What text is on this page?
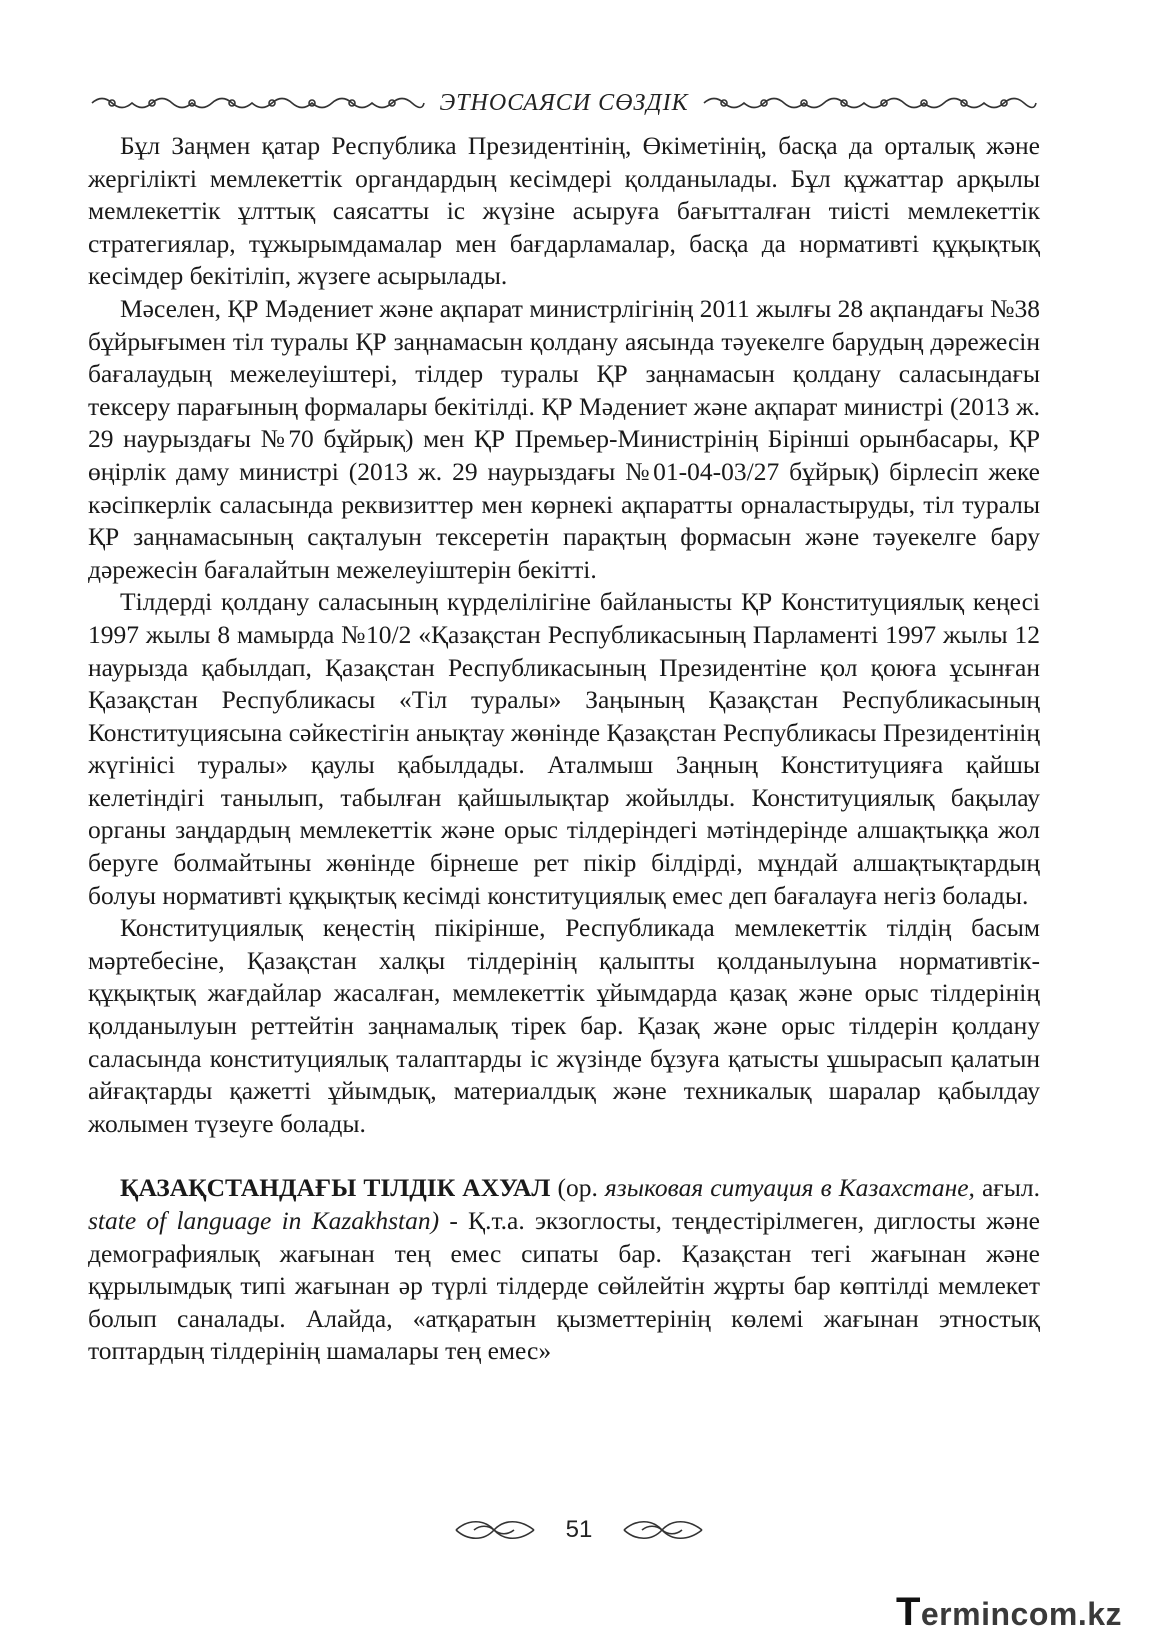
ЭТНОСАЯСИ СӨЗДІК

Бұл Заңмен қатар Республика Президентінің, Өкіметінің, басқа да орталық және жергілікті мемлекеттік органдардың кесімдері қолданылады. Бұл құжаттар арқылы мемлекеттік ұлттық саясатты іс жүзіне асыруға бағытталған тиісті мемлекеттік стратегиялар, тұжырымдамалар мен бағдарламалар, басқа да нормативті құқықтық кесімдер бекітіліп, жүзеге асырылады.

Мәселен, ҚР Мәдениет және ақпарат министрлігінің 2011 жылғы 28 ақпандағы №38 бұйрығымен тіл туралы ҚР заңнамасын қолдану аясында тәуекелге барудың дәрежесін бағалаудың межелеуіштері, тілдер туралы ҚР заңнамасын қолдану саласындағы тексеру парағының формалары бекітілді. ҚР Мәдениет және ақпарат министрі (2013 ж. 29 наурыздағы №70 бұйрық) мен ҚР Премьер-Министрінің Бірінші орынбасары, ҚР өңірлік даму министрі (2013 ж. 29 наурыздағы №01-04-03/27 бұйрық) бірлесіп жеке кәсіпкерлік саласында реквизиттер мен көрнекі ақпаратты орналастыруды, тіл туралы ҚР заңнамасының сақталуын тексеретін парақтың формасын және тәуекелге бару дәрежесін бағалайтын межелеуіштерін бекітті.

Тілдерді қолдану саласының күрделілігіне байланысты ҚР Конституциялық кеңесі 1997 жылы 8 мамырда №10/2 «Қазақстан Республикасының Парламенті 1997 жылы 12 наурызда қабылдап, Қазақстан Республикасының Президентіне қол қоюға ұсынған Қазақстан Республикасы «Тіл туралы» Заңының Қазақстан Республикасының Конституциясына сәйкестігін анықтау жөнінде Қазақстан Республикасы Президентінің жүгінісі туралы» қаулы қабылдады. Аталмыш Заңның Конституцияға қайшы келетіндігі танылып, табылған қайшылықтар жойылды. Конституциялық бақылау органы заңдардың мемлекеттік және орыс тілдеріндегі мәтіндерінде алшақтыққа жол беруге болмайтыны жөнінде бірнеше рет пікір білдірді, мұндай алшақтықтардың болуы нормативті құқықтық кесімді конституциялық емес деп бағалауға негіз болады.

Конституциялық кеңестің пікірінше, Республикада мемлекеттік тілдің басым мәртебесіне, Қазақстан халқы тілдерінің қалыпты қолданылуына нормативтік-құқықтық жағдайлар жасалған, мемлекеттік ұйымдарда қазақ және орыс тілдерінің қолданылуын реттейтін заңнамалық тірек бар. Қазақ және орыс тілдерін қолдану саласында конституциялық талаптарды іс жүзінде бұзуға қатысты ұшырасып қалатын айғақтарды қажетті ұйымдық, материалдық және техникалық шаралар қабылдау жолымен түзеуге болады.

ҚАЗАҚСТАНДАҒЫ ТІЛДІК АХУАЛ (ор. языковая ситуация в Казахстане, ағыл. state of language in Kazakhstan) - Қ.т.а. экзоглосты, теңдестірілмеген, диглосты және демографиялық жағынан тең емес сипаты бар. Қазақстан тегі жағынан және құрылымдық типі жағынан әр түрлі тілдерде сөйлейтін жұрты бар көптілді мемлекет болып саналады. Алайда, «атқаратын қызметтерінің көлемі жағынан этностық топтардың тілдерінің шамалары тең емес»

51
Termincom.kz
